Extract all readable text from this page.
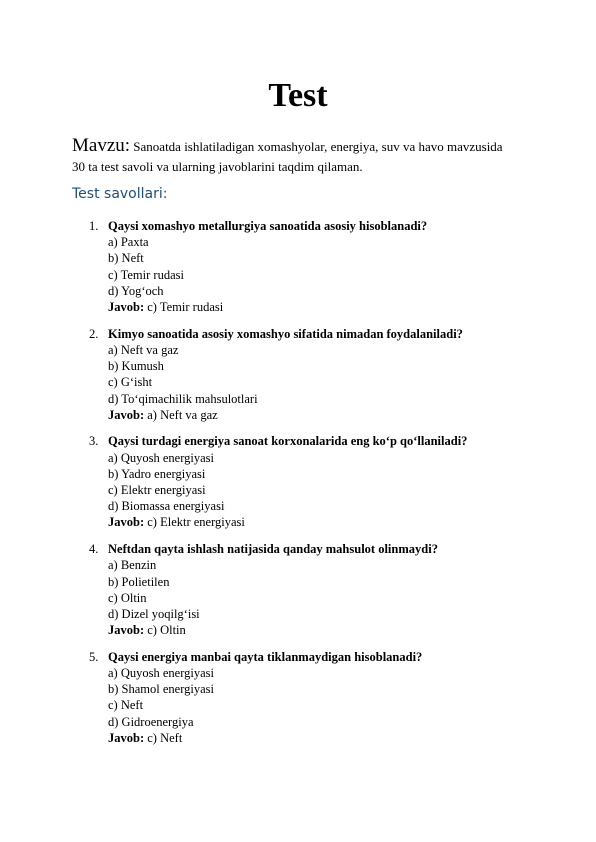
Test
Mavzu: Sanoatda ishlatiladigan xomashyolar, energiya, suv va havo mavzusida 30 ta test savoli va ularning javoblarini taqdim qilaman.
Test savollari:
1. Qaysi xomashyo metallurgiya sanoatida asosiy hisoblanadi?
a) Paxta
b) Neft
c) Temir rudasi
d) Yog‘och
Javob: c) Temir rudasi
2. Kimyo sanoatida asosiy xomashyo sifatida nimadan foydalaniladi?
a) Neft va gaz
b) Kumush
c) G‘isht
d) To‘qimachilik mahsulotlari
Javob: a) Neft va gaz
3. Qaysi turdagi energiya sanoat korxonalarida eng ko‘p qo‘llaniladi?
a) Quyosh energiyasi
b) Yadro energiyasi
c) Elektr energiyasi
d) Biomassa energiyasi
Javob: c) Elektr energiyasi
4. Neftdan qayta ishlash natijasida qanday mahsulot olinmaydi?
a) Benzin
b) Polietilen
c) Oltin
d) Dizel yoqilg‘isi
Javob: c) Oltin
5. Qaysi energiya manbai qayta tiklanmaydigan hisoblanadi?
a) Quyosh energiyasi
b) Shamol energiyasi
c) Neft
d) Gidroenergiya
Javob: c) Neft
